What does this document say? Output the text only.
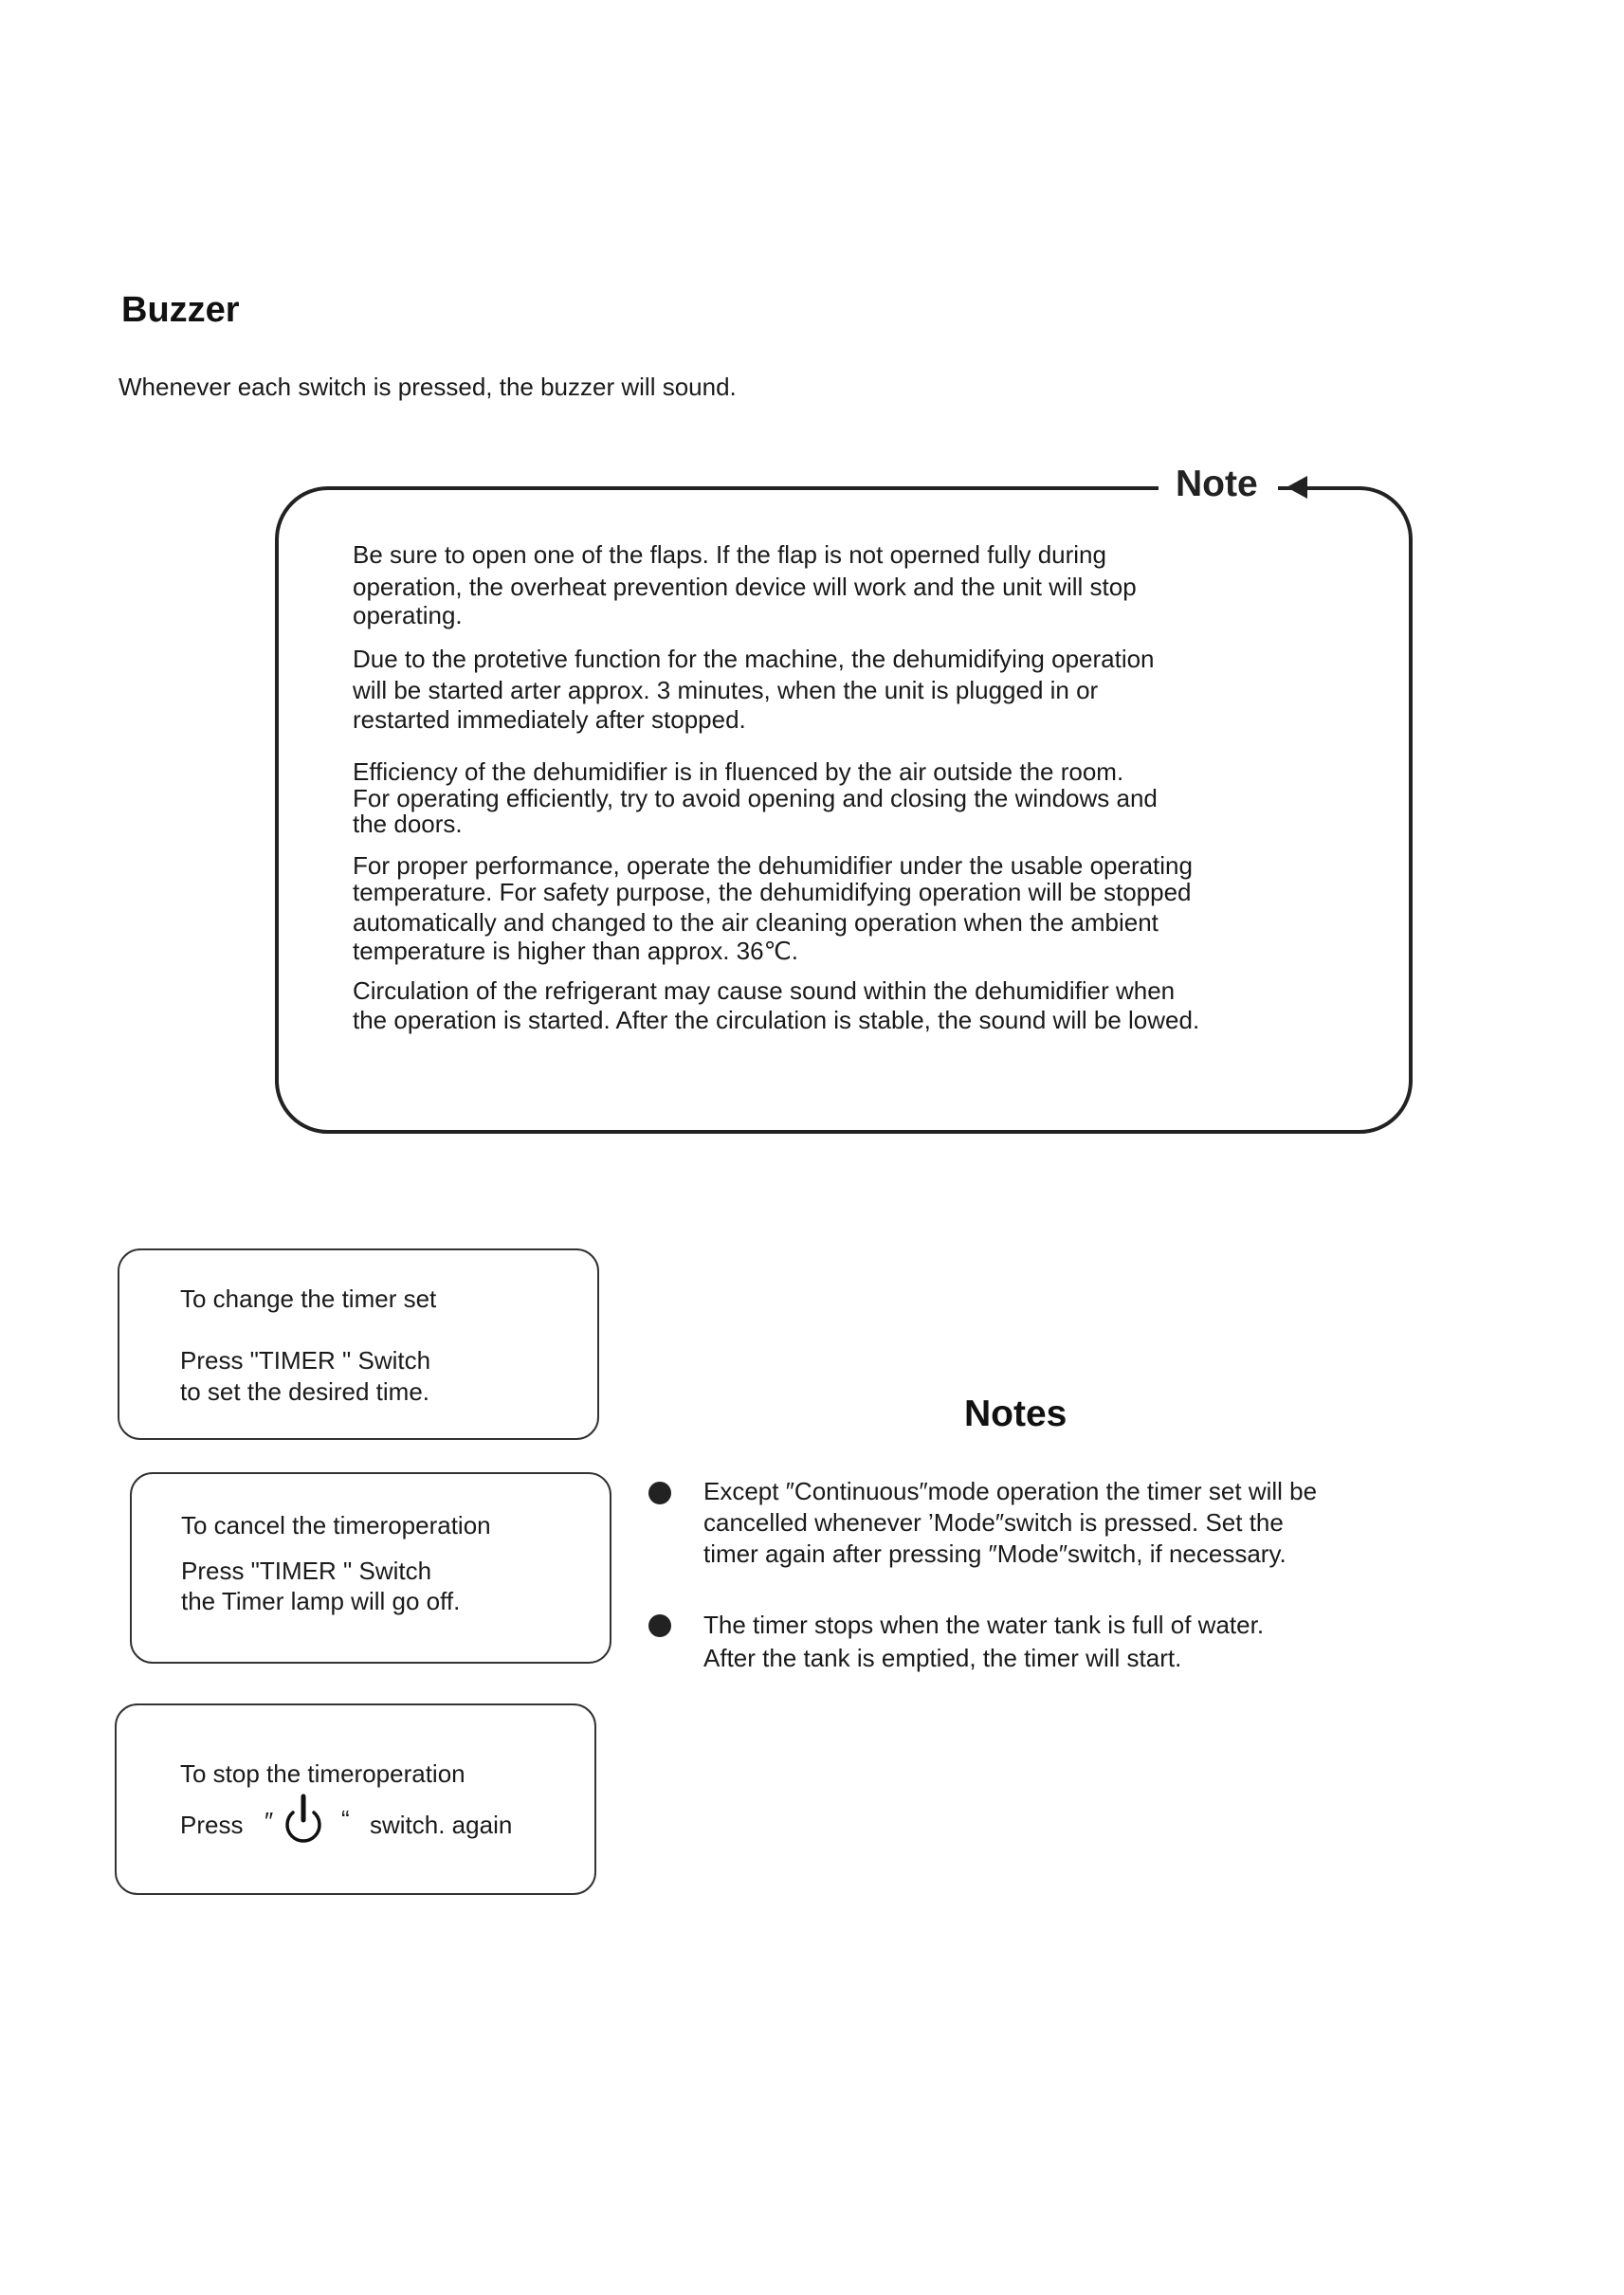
Buzzer
Whenever each switch is pressed, the buzzer will sound.
Note
Be sure to open one of the flaps. If the flap is not operned fully during
operation, the overheat prevention device will work and the unit will stop
operating.
Due to the protetive function for the machine, the dehumidifying operation
will be started arter approx. 3 minutes, when the unit is plugged in or
restarted immediately after stopped.
Efficiency of the dehumidifier is in fluenced by the air outside the room.
For operating efficiently, try to avoid opening and closing the windows and
the doors.
For proper performance, operate the dehumidifier under the usable operating
temperature. For safety purpose, the dehumidifying operation will be stopped
automatically and changed to the air cleaning operation when the ambient
temperature is higher than approx. 36℃.
Circulation of the refrigerant may cause sound within the dehumidifier when
the operation is started. After the circulation is stable, the sound will be lowed.
To change the timer set
Press "TIMER " Switch
to set the desired time.
To cancel the timeroperation
Press "TIMER " Switch
the Timer lamp will go off.
To stop the timeroperation
Press ″	“ switch. again
Notes
Except ″Continuous″mode operation the timer set will be
cancelled whenever ’Mode″switch is pressed. Set the
timer again after pressing ″Mode″switch, if necessary.
The timer stops when the water tank is full of water.
After the tank is emptied, the timer will start.
